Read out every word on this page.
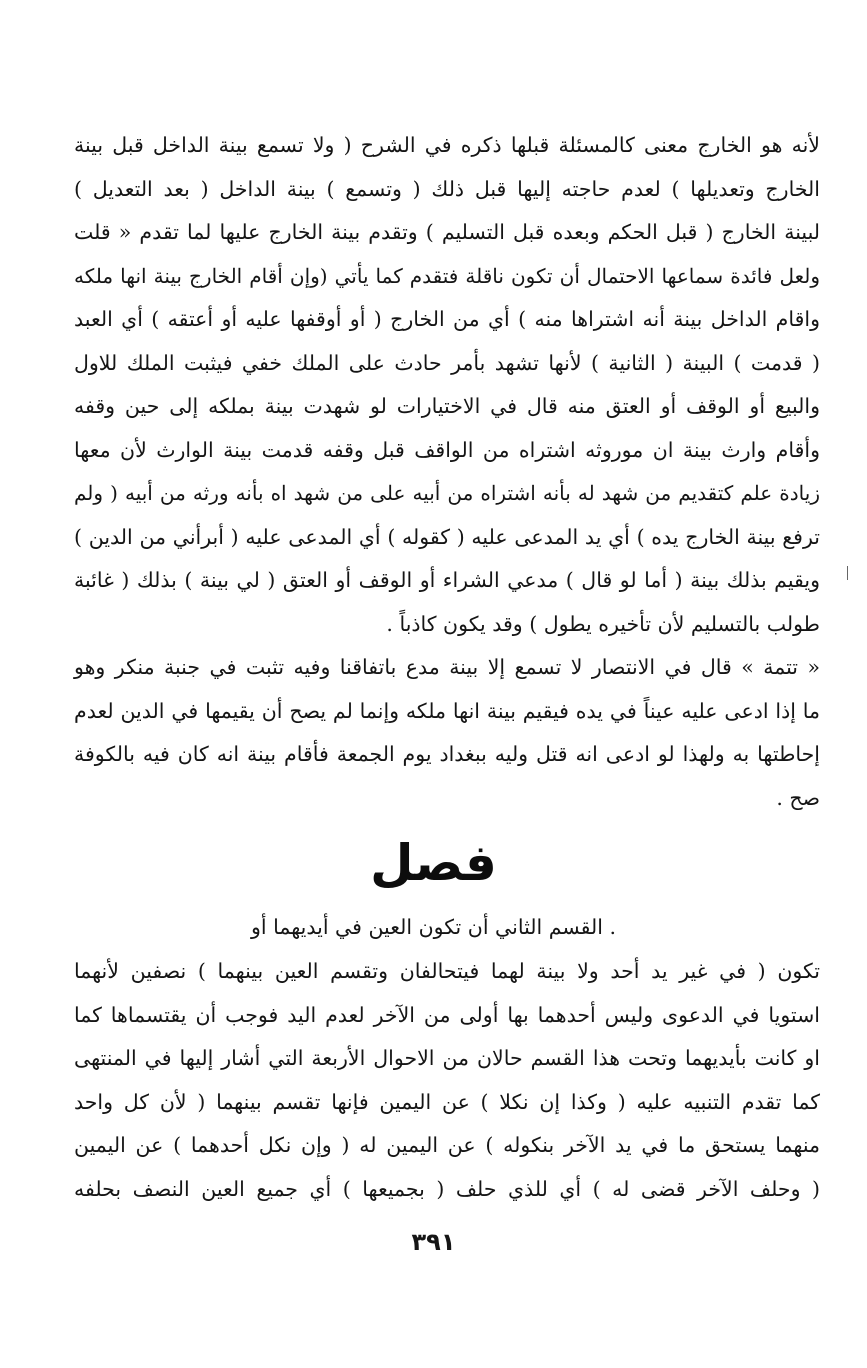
لأنه هو الخارج معنى كالمسئلة قبلها ذكره في الشرح ( ولا تسمع بينة الداخل قبل بينة
الخارج وتعديلها ) لعدم حاجته إليها قبل ذلك ( وتسمع ) بينة الداخل ( بعد التعديل )
لبينة الخارج ( قبل الحكم وبعده قبل التسليم ) وتقدم بينة الخارج عليها لما تقدم « قلت
ولعل فائدة سماعها الاحتمال أن تكون ناقلة فتقدم كما يأتي (وإن أقام الخارج بينة انها ملكه
واقام الداخل بينة أنه اشتراها منه ) أي من الخارج ( أو أوقفها عليه أو أعتقه ) أي العبد
( قدمت ) البينة ( الثانية ) لأنها تشهد بأمر حادث على الملك خفي فيثبت الملك للاول
والبيع أو الوقف أو العتق منه قال في الاختيارات لو شهدت بينة بملكه إلى حين وقفه
وأقام وارث بينة ان موروثه اشتراه من الواقف قبل وقفه قدمت بينة الوارث لأن معها
زيادة علم كتقديم من شهد له بأنه اشتراه من أبيه على من شهد اه بأنه ورثه من أبيه ( ولم
ترفع بينة الخارج يده ) أي يد المدعى عليه ( كقوله ) أي المدعى عليه ( أبرأني من الدين )
ويقيم بذلك بينة ( أما لو قال ) مدعي الشراء أو الوقف أو العتق ( لي بينة ) بذلك ( غائبة
طولب بالتسليم لأن تأخيره يطول ) وقد يكون كاذباً .
« تتمة » قال في الانتصار لا تسمع إلا بينة مدع باتفاقنا وفيه تثبت في جنبة منكر وهو
ما إذا ادعى عليه عيناً في يده فيقيم بينة انها ملكه وإنما لم يصح أن يقيمها في الدين لعدم
إحاطتها به ولهذا لو ادعى انه قتل وليه ببغداد يوم الجمعة فأقام بينة انه كان فيه بالكوفة
صح .
فصل
. القسم الثاني أن تكون العين في أيديهما أو
تكون ( في غير يد أحد ولا بينة لهما فيتحالفان وتقسم العين بينهما ) نصفين لأنهما
استويا في الدعوى وليس أحدهما بها أولى من الآخر لعدم اليد فوجب أن يقتسماها كما
او كانت بأيديهما وتحت هذا القسم حالان من الاحوال الأربعة التي أشار إليها في المنتهى
كما تقدم التنبيه عليه ( وكذا إن نكلا ) عن اليمين فإنها تقسم بينهما ( لأن كل واحد
منهما يستحق ما في يد الآخر بنكوله ) عن اليمين له ( وإن نكل أحدهما ) عن اليمين
( وحلف الآخر قضى له ) أي للذي حلف ( بجميعها ) أي جميع العين النصف بحلفه
٣٩١
